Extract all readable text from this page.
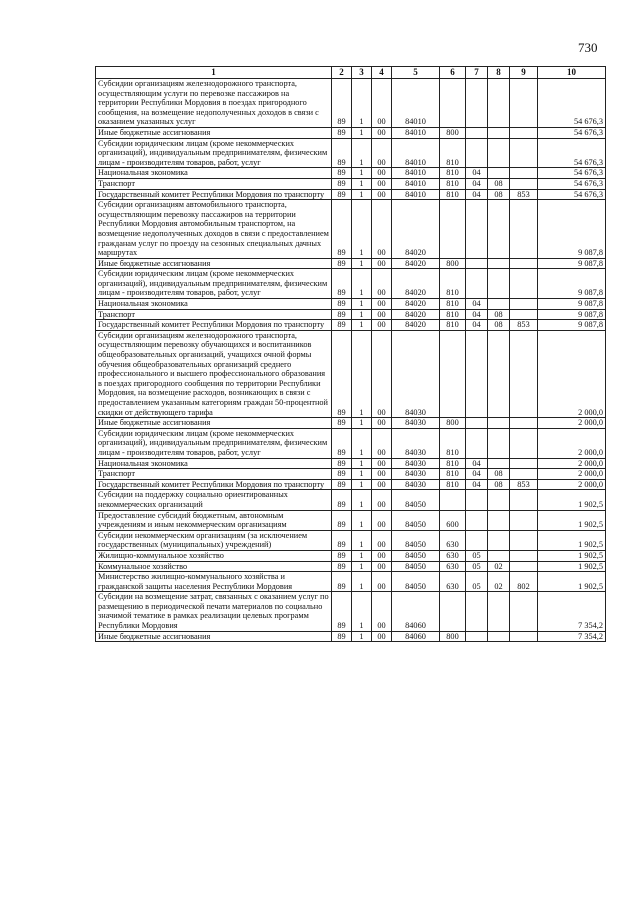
730
1	2	3	4	5	6	7	8	9	10
Субсидии организациям железнодорожного транспорта, осуществляющим услуги по перевозке пассажиров на территории Республики Мордовия в поездах пригородного сообщения, на возмещение недополученных доходов в связи с оказанием указанных услуг	89	1	00	84010					54 676,3
Иные бюджетные ассигнования	89	1	00	84010	800				54 676,3
Субсидии юридическим лицам (кроме некоммерческих организаций), индивидуальным предпринимателям, физическим лицам - производителям товаров, работ, услуг	89	1	00	84010	810				54 676,3
Национальная экономика	89	1	00	84010	810	04			54 676,3
Транспорт	89	1	00	84010	810	04	08		54 676,3
Государственный комитет Республики Мордовия по транспорту	89	1	00	84010	810	04	08	853	54 676,3
Субсидии организациям автомобильного транспорта, осуществляющим перевозку пассажиров на территории Республики Мордовия автомобильным транспортом, на возмещение недополученных доходов в связи с предоставлением гражданам услуг по проезду на сезонных специальных дачных маршрутах	89	1	00	84020					9 087,8
Иные бюджетные ассигнования	89	1	00	84020	800				9 087,8
Субсидии юридическим лицам (кроме некоммерческих организаций), индивидуальным предпринимателям, физическим лицам - производителям товаров, работ, услуг	89	1	00	84020	810				9 087,8
Национальная экономика	89	1	00	84020	810	04			9 087,8
Транспорт	89	1	00	84020	810	04	08		9 087,8
Государственный комитет Республики Мордовия по транспорту	89	1	00	84020	810	04	08	853	9 087,8
Субсидии организациям железнодорожного транспорта, осуществляющим перевозку обучающихся и воспитанников общеобразовательных организаций, учащихся очной формы обучения общеобразовательных организаций среднего профессионального и высшего профессионального образования в поездах пригородного сообщения по территории Республики Мордовия, на возмещение расходов, возникающих в связи с предоставлением указанным категориям граждан 50-процентной скидки от действующего тарифа	89	1	00	84030					2 000,0
Иные бюджетные ассигнования	89	1	00	84030	800				2 000,0
Субсидии юридическим лицам (кроме некоммерческих организаций), индивидуальным предпринимателям, физическим лицам - производителям товаров, работ, услуг	89	1	00	84030	810				2 000,0
Национальная экономика	89	1	00	84030	810	04			2 000,0
Транспорт	89	1	00	84030	810	04	08		2 000,0
Государственный комитет Республики Мордовия по транспорту	89	1	00	84030	810	04	08	853	2 000,0
Субсидии на поддержку социально ориентированных некоммерческих организаций	89	1	00	84050					1 902,5
Предоставление субсидий бюджетным, автономным учреждениям и иным некоммерческим организациям	89	1	00	84050	600				1 902,5
Субсидии некоммерческим организациям (за исключением государственных (муниципальных) учреждений)	89	1	00	84050	630				1 902,5
Жилищно-коммунальное хозяйство	89	1	00	84050	630	05			1 902,5
Коммунальное хозяйство	89	1	00	84050	630	05	02		1 902,5
Министерство жилищно-коммунального хозяйства и гражданской защиты населения Республики Мордовия	89	1	00	84050	630	05	02	802	1 902,5
Субсидии на возмещение затрат, связанных с оказанием услуг по размещению в периодической печати материалов по социально значимой тематике в рамках реализации целевых программ Республики Мордовия	89	1	00	84060					7 354,2
Иные бюджетные ассигнования	89	1	00	84060	800				7 354,2
